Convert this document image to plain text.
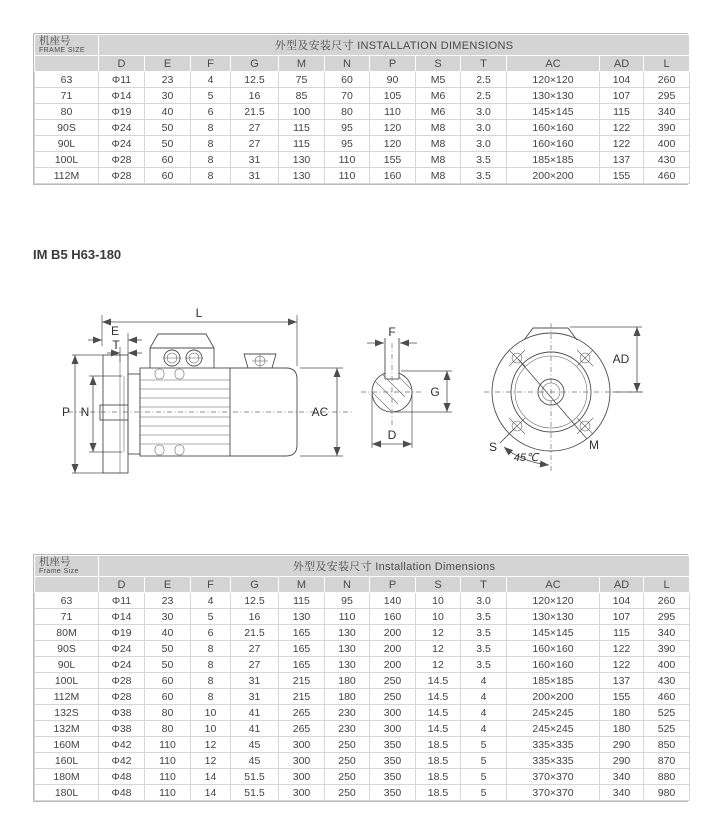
机座号
FRAME SIZE	外型及安装尺寸 INSTALLATION DIMENSIONS											
	D	E	F	G	M	N	P	S	T	AC	AD	L
63	Φ11	23	4	12.5	75	60	90	M5	2.5	120×120	104	260
71	Φ14	30	5	16	85	70	105	M6	2.5	130×130	107	295
80	Φ19	40	6	21.5	100	80	110	M6	3.0	145×145	115	340
90S	Φ24	50	8	27	115	95	120	M8	3.0	160×160	122	390
90L	Φ24	50	8	27	115	95	120	M8	3.0	160×160	122	400
100L	Φ28	60	8	31	130	110	155	M8	3.5	185×185	137	430
112M	Φ28	60	8	31	130	110	160	M8	3.5	200×200	155	460
IM B5 H63-180
L
E
T
P N	AC
F
G
D
AD
M
S
45℃
机座号
Frame Size	外型及安装尺寸 Installation Dimensions											
	D	E	F	G	M	N	P	S	T	AC	AD	L
63	Φ11	23	4	12.5	115	95	140	10	3.0	120×120	104	260
71	Φ14	30	5	16	130	110	160	10	3.5	130×130	107	295
80M	Φ19	40	6	21.5	165	130	200	12	3.5	145×145	115	340
90S	Φ24	50	8	27	165	130	200	12	3.5	160×160	122	390
90L	Φ24	50	8	27	165	130	200	12	3.5	160×160	122	400
100L	Φ28	60	8	31	215	180	250	14.5	4	185×185	137	430
112M	Φ28	60	8	31	215	180	250	14.5	4	200×200	155	460
132S	Φ38	80	10	41	265	230	300	14.5	4	245×245	180	525
132M	Φ38	80	10	41	265	230	300	14.5	4	245×245	180	525
160M	Φ42	110	12	45	300	250	350	18.5	5	335×335	290	850
160L	Φ42	110	12	45	300	250	350	18.5	5	335×335	290	870
180M	Φ48	110	14	51.5	300	250	350	18.5	5	370×370	340	880
180L	Φ48	110	14	51.5	300	250	350	18.5	5	370×370	340	980
